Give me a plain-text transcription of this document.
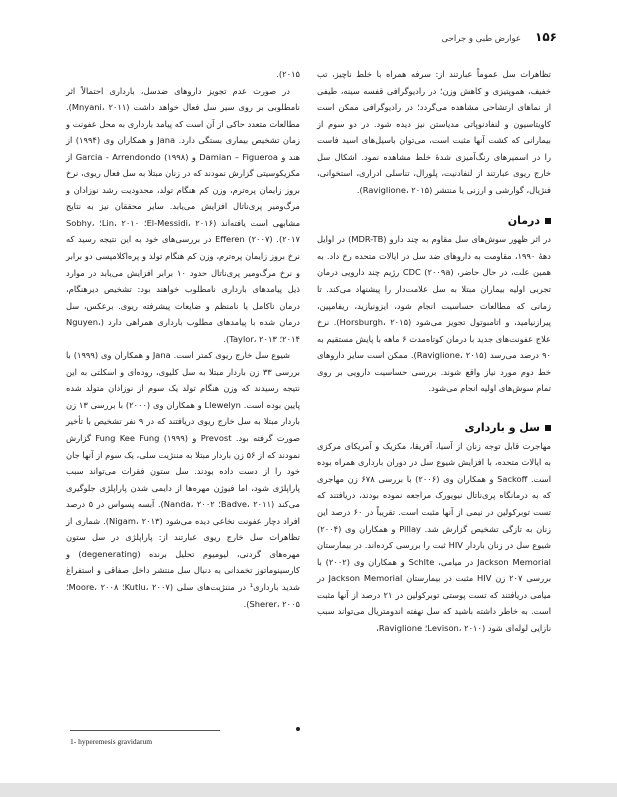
۱۵۶
عوارض طبی و جراحی

تظاهرات سل عموماً عبارتند از: سرفه همراه با خلط ناچیز، تب خفیف، هموپتیزی و کاهش وزن؛ در رادیوگرافی قفسه سینه، طیفی از نماهای ارتشاحی مشاهده می‌گردد؛ در رادیوگرافی ممکن است کاویتاسیون و لنفادنوپاتی مدیاستن نیز دیده شود. در دو سوم از بیمارانی که کشت آنها مثبت است، می‌توان باسیل‌های اسید فاست را در اسمیرهای رنگ‌آمیزی شدهٔ خلط مشاهده نمود. اشکال سل خارج ریوی عبارتند از لنفادنیت، پلورال، تناسلی ادراری، استخوانی، فنژیال، گوارشی و ارزنی یا منتشر (Raviglione، ۲۰۱۵).

درمان

در اثر ظهور سوش‌های سل مقاوم به چند دارو (MDR-TB) در اوایل دههٔ ۱۹۹۰، مقاومت به داروهای ضد سل در ایالات متحده رخ داد. به همین علت، در حال حاضر، CDC (۲۰۰۹a) رژیم چند دارویی درمان تجربی اولیه بیماران مبتلا به سل علامت‌دار را پیشنهاد می‌کند. تا زمانی که مطالعات حساسیت انجام شود، ایزونیازید، ریفامپین، پیرازنیامید، و اتامبوتول تجویز می‌شود (Horsburgh، ۲۰۱۵). نرخ علاج عفونت‌های جدید با درمان کوتاه‌مدت ۶ ماهه با پایش مستقیم به ۹۰ درصد می‌رسد (Raviglione، ۲۰۱۵). ممکن است سایر داروهای خط دوم مورد نیاز واقع شوند. بررسی حساسیت دارویی بر روی تمام سوش‌های اولیه انجام می‌شود.

سل و بارداری

مهاجرت قابل توجه زنان از آسیا، آفریقا، مکزیک و آمریکای مرکزی به ایالات متحده، با افزایش شیوع سل در دوران بارداری همراه بوده است. Sackoff و همکاران وی (۲۰۰۶) با بررسی ۶۷۸ زن مهاجری که به درمانگاه پری‌ناتال نیویورک مراجعه نموده بودند، دریافتند که تست توبرکولین در نیمی از آنها مثبت است. تقریباً در ۶۰ درصد این زنان به تازگی تشخیص گزارش شد. Pillay و همکاران وی (۲۰۰۴) شیوع سل در زنان باردار HIV ثبت را بررسی کرده‌اند. در بیمارستان Jackson Memorial در میامی، Schlte و همکاران وی (۲۰۰۲) با بررسی ۲۰۷ زن HIV مثبت در بیمارستان Jackson Memorial در میامی دریافتند که تست پوستی توبرکولین در ۲۱ درصد از آنها مثبت است. به خاطر داشته باشید که سل نهفته اندومتریال می‌تواند سبب نازایی لوله‌ای شود (Levison، ۲۰۱۰؛ Raviglione،

۲۰۱۵).

در صورت عدم تجویز داروهای ضدسل، بارداری احتمالاً اثر نامطلوبی بر روی سیر سل فعال خواهد داشت (Mnyani، ۲۰۱۱). مطالعات متعدد حاکی از آن است که پیامد بارداری به محل عفونت و زمان تشخیص بیماری بستگی دارد. Jana و همکاران وی (۱۹۹۴) از هند و Damian – Figueroa و Garcia - Arrendondo (۱۹۹۸) از مکزیکوسیتی گزارش نمودند که در زنان مبتلا به سل فعال ریوی، نرخ بروز زایمان پره‌ترم، وزن کم هنگام تولد، محدودیت رشد نوزادان و مرگ‌ومیر پری‌ناتال افزایش می‌یابد. سایر محققان نیز به نتایج مشابهی است یافته‌اند (El-Messidi، ۲۰۱۶؛ Lin، ۲۰۱۰؛ Sobhy، ۲۰۱۷). Efferen (۲۰۰۷) در بررسی‌های خود به این نتیجه رسید که نرخ بروز زایمان پره‌ترم، وزن کم هنگام تولد و پره‌اکلامپسی دو برابر و نرخ مرگ‌ومیر پری‌ناتال حدود ۱۰ برابر افزایش می‌یابد در موارد ذیل پیامدهای بارداری نامطلوب خواهند بود: تشخیص دیرهنگام، درمان ناکامل یا نامنظم و ضایعات پیشرفته ریوی. برعکس، سل درمان شده با پیامدهای مطلوب بارداری همراهی دارد (Nguyen، ۲۰۱۴؛ Taylor، ۲۰۱۳).

شیوع سل خارج ریوی کمتر است. Jana و همکاران وی (۱۹۹۹) با بررسی ۳۳ زن باردار مبتلا به سل کلیوی، روده‌ای و اسکلتی به این نتیجه رسیدند که وزن هنگام تولد یک سوم از نوزادان متولد شده پایین بوده است. Llewelyn و همکاران وی (۲۰۰۰) با بررسی ۱۳ زن باردار مبتلا به سل خارج ریوی دریافتند که در ۹ نفر تشخیص با تأخیر صورت گرفته بود. Prevost و Fung Kee Fung (۱۹۹۹) گزارش نمودند که از ۵۶ زن باردار مبتلا به مننژیت سلی، یک سوم از آنها جان خود را از دست داده بودند. سل ستون فقرات می‌تواند سبب پاراپلژی شود، اما فیوژن مهره‌ها از دایمی شدن پاراپلژی جلوگیری می‌کند (Badve، ۲۰۱۱؛ Nanda، ۲۰۰۲). آبسه پسواس در ۵ درصد افراد دچار عفونت نخاعی دیده می‌شود (Nigam، ۲۰۱۳). شماری از تظاهرات سل خارج ریوی عبارتند از: پاراپلژی در سل ستون مهره‌های گردنی، لیومیوم تحلیل برنده (degenerating) و کارسینوماتوز تخمدانی به دنبال سل منتشر داخل صفاقی و استفراغ شدید بارداری¹ در مننژیت‌های سلی (Kutlu، ۲۰۰۷؛ Moore، ۲۰۰۸؛ Sherer، ۲۰۰۵).

1- hyperemesis gravidarum
